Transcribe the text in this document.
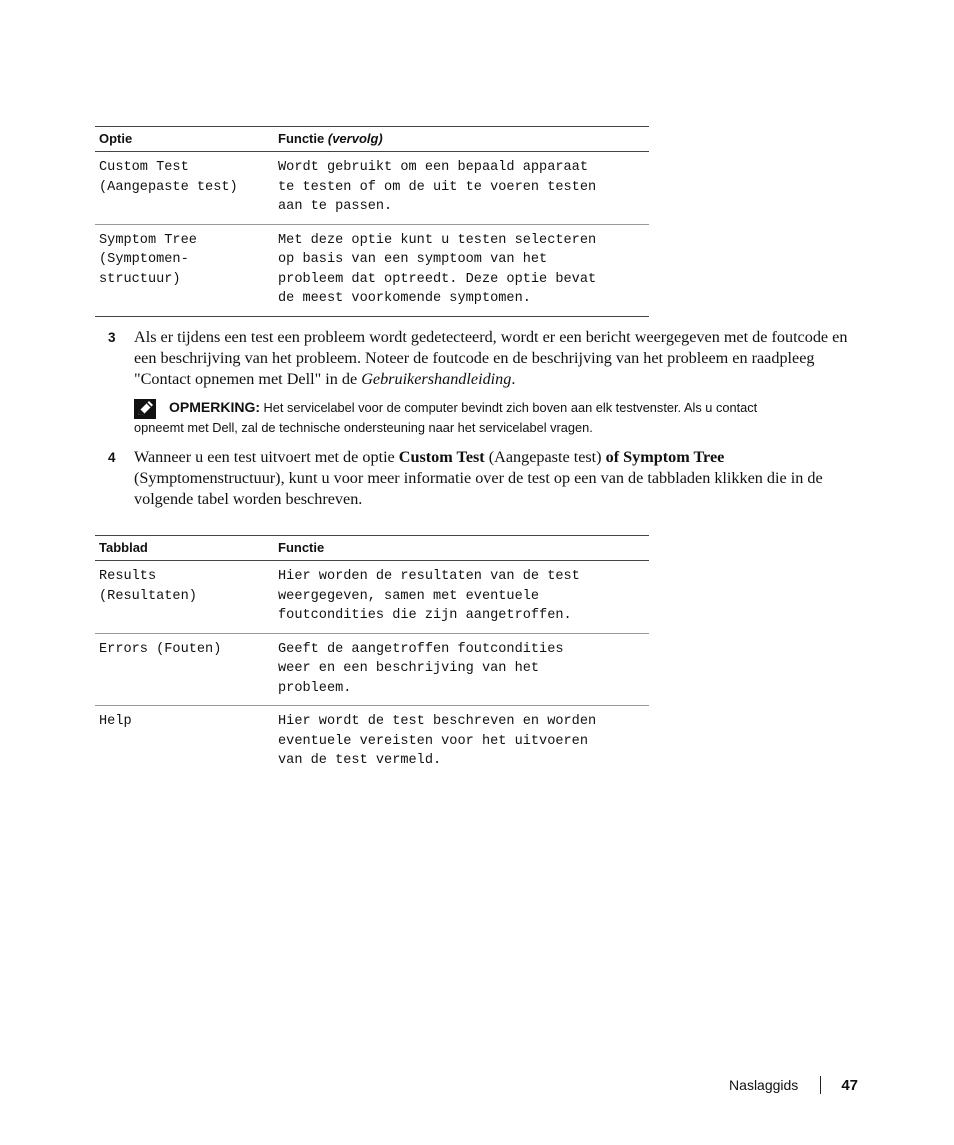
Optie	Functie (vervolg)
Custom Test
(Aangepaste test)	Wordt gebruikt om een bepaald apparaat
te testen of om de uit te voeren testen
aan te passen.
Symptom Tree
(Symptomen-
structuur)	Met deze optie kunt u testen selecteren
op basis van een symptoom van het
probleem dat optreedt. Deze optie bevat
de meest voorkomende symptomen.
3 Als er tijdens een test een probleem wordt gedetecteerd, wordt er een bericht weergegeven met de foutcode en een beschrijving van het probleem. Noteer de foutcode en de beschrijving van het probleem en raadpleeg "Contact opnemen met Dell" in de Gebruikershandleiding.
OPMERKING: Het servicelabel voor de computer bevindt zich boven aan elk testvenster. Als u contact
opneemt met Dell, zal de technische ondersteuning naar het servicelabel vragen.
4 Wanneer u een test uitvoert met de optie Custom Test (Aangepaste test) of Symptom Tree (Symptomenstructuur), kunt u voor meer informatie over de test op een van de tabbladen klikken die in de volgende tabel worden beschreven.
Tabblad	Functie
Results
(Resultaten)	Hier worden de resultaten van de test
weergegeven, samen met eventuele
foutcondities die zijn aangetroffen.
Errors (Fouten)	Geeft de aangetroffen foutcondities
weer en een beschrijving van het
probleem.
Help	Hier wordt de test beschreven en worden
eventuele vereisten voor het uitvoeren
van de test vermeld.
Naslaggids	47
